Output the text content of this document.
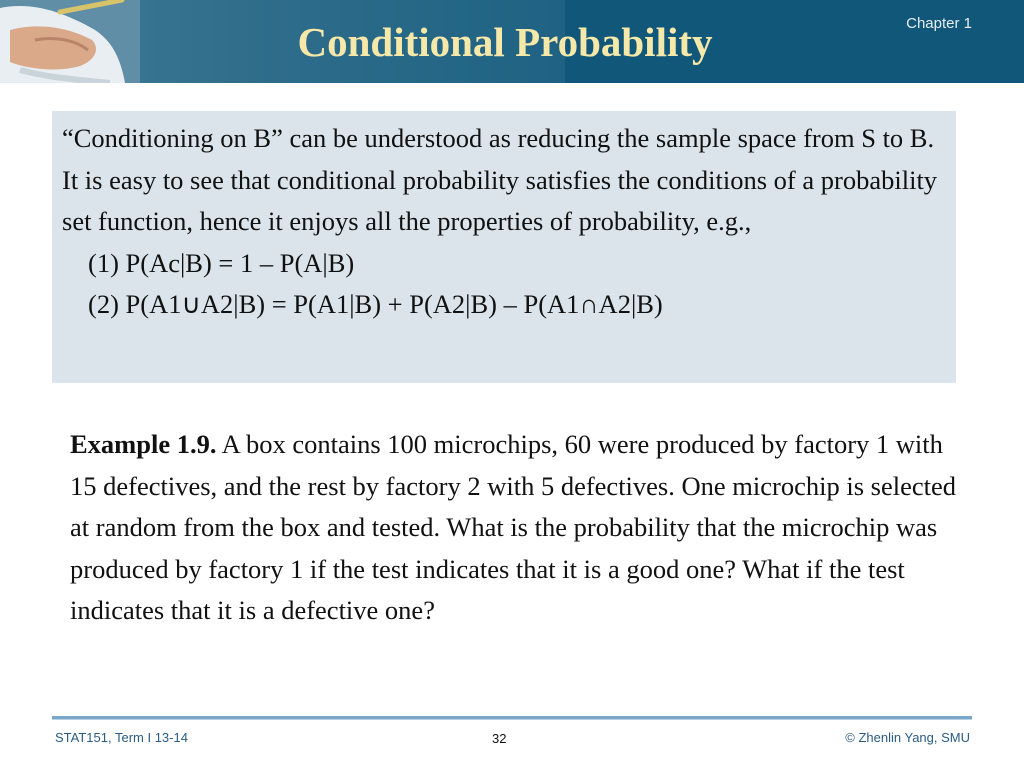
Conditional Probability	Chapter 1

“Conditioning on B” can be understood as reducing the sample space from S to B. It is easy to see that conditional probability satisfies the conditions of a probability set function, hence it enjoys all the properties of probability, e.g.,

(1) P(Ac|B) = 1 – P(A|B)

(2) P(A1∪A2|B) = P(A1|B) + P(A2|B) – P(A1∩A2|B)

Example 1.9. A box contains 100 microchips, 60 were produced by factory 1 with 15 defectives, and the rest by factory 2 with 5 defectives. One microchip is selected at random from the box and tested. What is the probability that the microchip was produced by factory 1 if the test indicates that it is a good one? What if the test indicates that it is a defective one?
STAT151, Term I 13-14	32	© Zhenlin Yang, SMU
